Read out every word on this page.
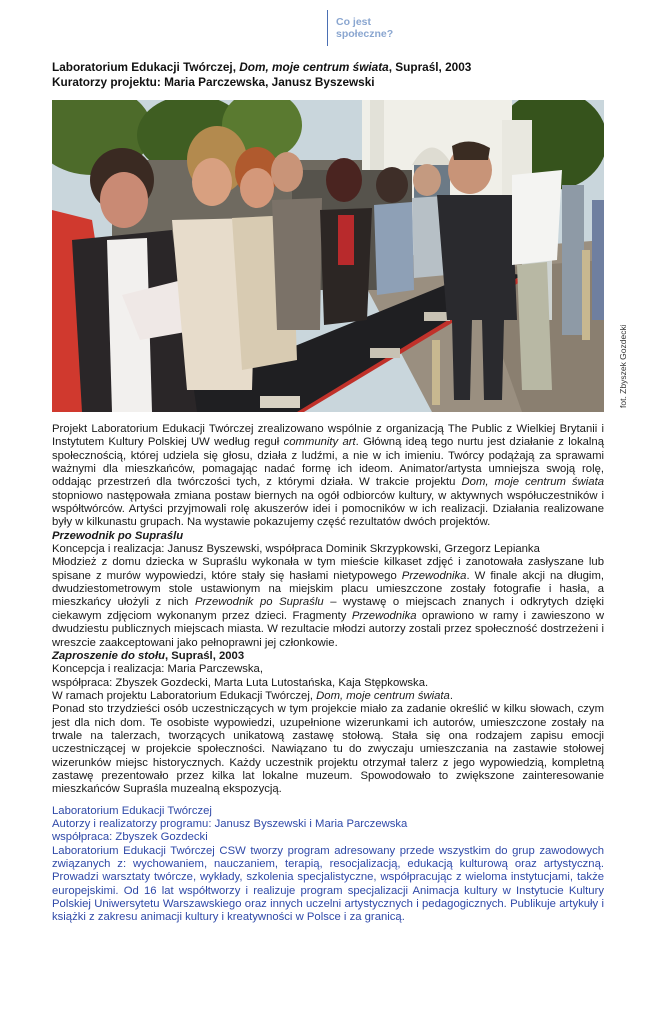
Co jest
społeczne?

Laboratorium Edukacji Twórczej, Dom, moje centrum świata, Supraśl, 2003

Kuratorzy projektu: Maria Parczewska, Janusz Byszewski

fot. Zbyszek Gozdecki

Projekt Laboratorium Edukacji Twórczej zrealizowano wspólnie z organizacją The Public z Wielkiej Brytanii i Instytutem Kultury Polskiej UW według reguł community art. Główną ideą tego nurtu jest działanie z lokalną społecznością, której udziela się głosu, działa z ludźmi, a nie w ich imieniu. Twórcy podążają za sprawami ważnymi dla mieszkańców, pomagając nadać formę ich ideom. Animator/artysta umniejsza swoją rolę, oddając przestrzeń dla twórczości tych, z którymi działa. W trakcie projektu Dom, moje centrum świata stopniowo następowała zmiana postaw biernych na ogół odbiorców kultury, w aktywnych współuczestników i współtwórców. Artyści przyjmowali rolę akuszerów idei i pomocników w ich realizacji. Działania realizowane były w kilkunastu grupach. Na wystawie pokazujemy część rezultatów dwóch projektów.

Przewodnik po Supraślu

Koncepcja i realizacja: Janusz Byszewski, współpraca Dominik Skrzypkowski, Grzegorz Lepianka

Młodzież z domu dziecka w Supraślu wykonała w tym mieście kilkaset zdjęć i zanotowała zasłyszane lub spisane z murów wypowiedzi, które stały się hasłami nietypowego Przewodnika. W finale akcji na długim, dwudziestometrowym stole ustawionym na miejskim placu umieszczone zostały fotografie i hasła, a mieszkańcy ułożyli z nich Przewodnik po Supraślu – wystawę o miejscach znanych i odkrytych dzięki ciekawym zdjęciom wykonanym przez dzieci. Fragmenty Przewodnika oprawiono w ramy i zawieszono w dwudziestu publicznych miejscach miasta. W rezultacie młodzi autorzy zostali przez społeczność dostrzeżeni i wreszcie zaakceptowani jako pełnoprawni jej członkowie.

Zaproszenie do stołu, Supraśl, 2003

Koncepcja i realizacja: Maria Parczewska,

współpraca: Zbyszek Gozdecki, Marta Luta Lutostańska, Kaja Stępkowska.

W ramach projektu Laboratorium Edukacji Twórczej, Dom, moje centrum świata.

Ponad sto trzydzieści osób uczestniczących w tym projekcie miało za zadanie określić w kilku słowach, czym jest dla nich dom. Te osobiste wypowiedzi, uzupełnione wizerunkami ich autorów, umieszczone zostały na trwale na talerzach, tworzących unikatową zastawę stołową. Stała się ona rodzajem zapisu emocji uczestniczącej w projekcie społeczności. Nawiązano tu do zwyczaju umieszczania na zastawie stołowej wizerunków miejsc historycznych. Każdy uczestnik projektu otrzymał talerz z jego wypowiedzią, kompletną zastawę prezentowało przez kilka lat lokalne muzeum. Spowodowało to zwiększone zainteresowanie mieszkańców Supraśla muzealną ekspozycją.

Laboratorium Edukacji Twórczej

Autorzy i realizatorzy programu: Janusz Byszewski i Maria Parczewska

współpraca: Zbyszek Gozdecki

Laboratorium Edukacji Twórczej CSW tworzy program adresowany przede wszystkim do grup zawodowych związanych z: wychowaniem, nauczaniem, terapią, resocjalizacją, edukacją kulturową oraz artystyczną. Prowadzi warsztaty twórcze, wykłady, szkolenia specjalistyczne, współpracując z wieloma instytucjami, także europejskimi. Od 16 lat współtworzy i realizuje program specjalizacji Animacja kultury w Instytucie Kultury Polskiej Uniwersytetu Warszawskiego oraz innych uczelni artystycznych i pedagogicznych. Publikuje artykuły i książki z zakresu animacji kultury i kreatywności w Polsce i za granicą.
